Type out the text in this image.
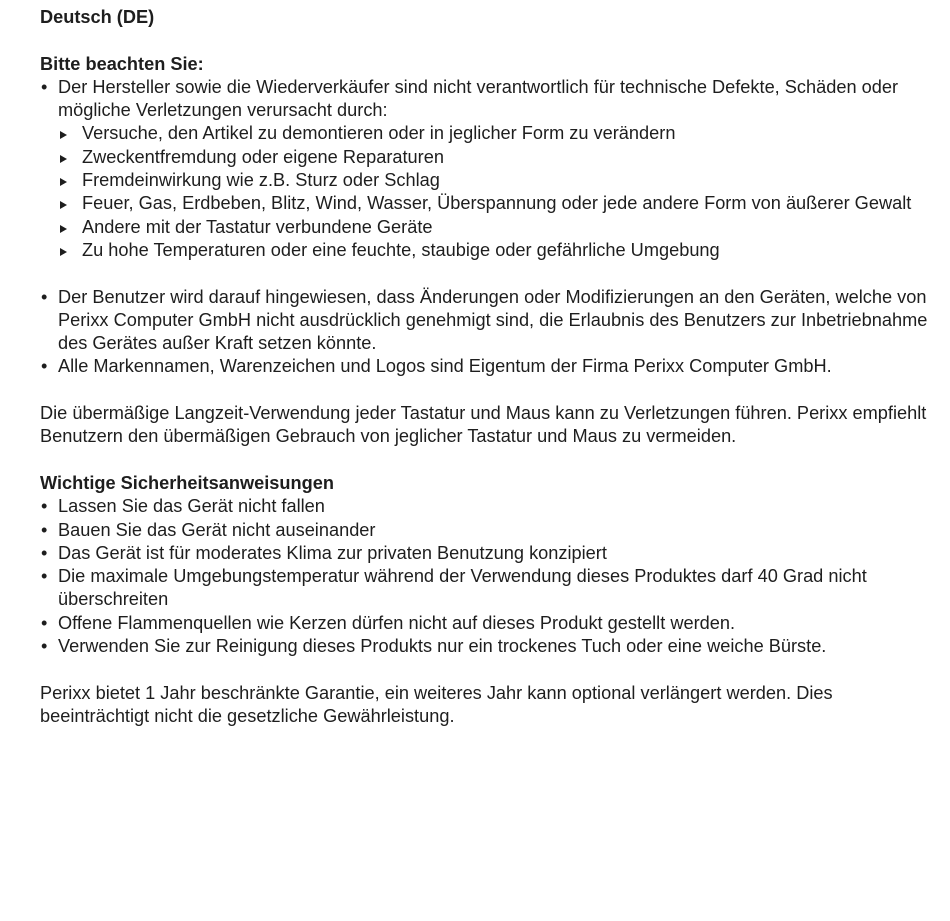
Deutsch (DE)
Bitte beachten Sie:
• Der Hersteller sowie die Wiederverkäufer sind nicht verantwortlich für technische Defekte, Schäden oder mögliche Verletzungen verursacht durch:
Versuche, den Artikel zu demontieren oder in jeglicher Form zu verändern
Zweckentfremdung oder eigene Reparaturen
Fremdeinwirkung wie z.B. Sturz oder Schlag
Feuer, Gas, Erdbeben, Blitz, Wind, Wasser, Überspannung oder jede andere Form von äußerer Gewalt
Andere mit der Tastatur verbundene Geräte
Zu hohe Temperaturen oder eine feuchte, staubige oder gefährliche Umgebung
• Der Benutzer wird darauf hingewiesen, dass Änderungen oder Modifizierungen an den Geräten, welche von Perixx Computer GmbH nicht ausdrücklich genehmigt sind, die Erlaubnis des Benutzers zur Inbetriebnahme des Gerätes außer Kraft setzen könnte.
• Alle Markennamen, Warenzeichen und Logos sind Eigentum der Firma Perixx Computer GmbH.

Die übermäßige Langzeit-Verwendung jeder Tastatur und Maus kann zu Verletzungen führen. Perixx empfiehlt Benutzern den übermäßigen Gebrauch von jeglicher Tastatur und Maus zu vermeiden.

Wichtige Sicherheitsanweisungen
• Lassen Sie das Gerät nicht fallen
• Bauen Sie das Gerät nicht auseinander
• Das Gerät ist für moderates Klima zur privaten Benutzung konzipiert
• Die maximale Umgebungstemperatur während der Verwendung dieses Produktes darf 40 Grad nicht überschreiten
• Offene Flammenquellen wie Kerzen dürfen nicht auf dieses Produkt gestellt werden.
• Verwenden Sie zur Reinigung dieses Produkts nur ein trockenes Tuch oder eine weiche Bürste.

Perixx bietet 1 Jahr beschränkte Garantie, ein weiteres Jahr kann optional verlängert werden. Dies beeinträchtigt nicht die gesetzliche Gewährleistung.
